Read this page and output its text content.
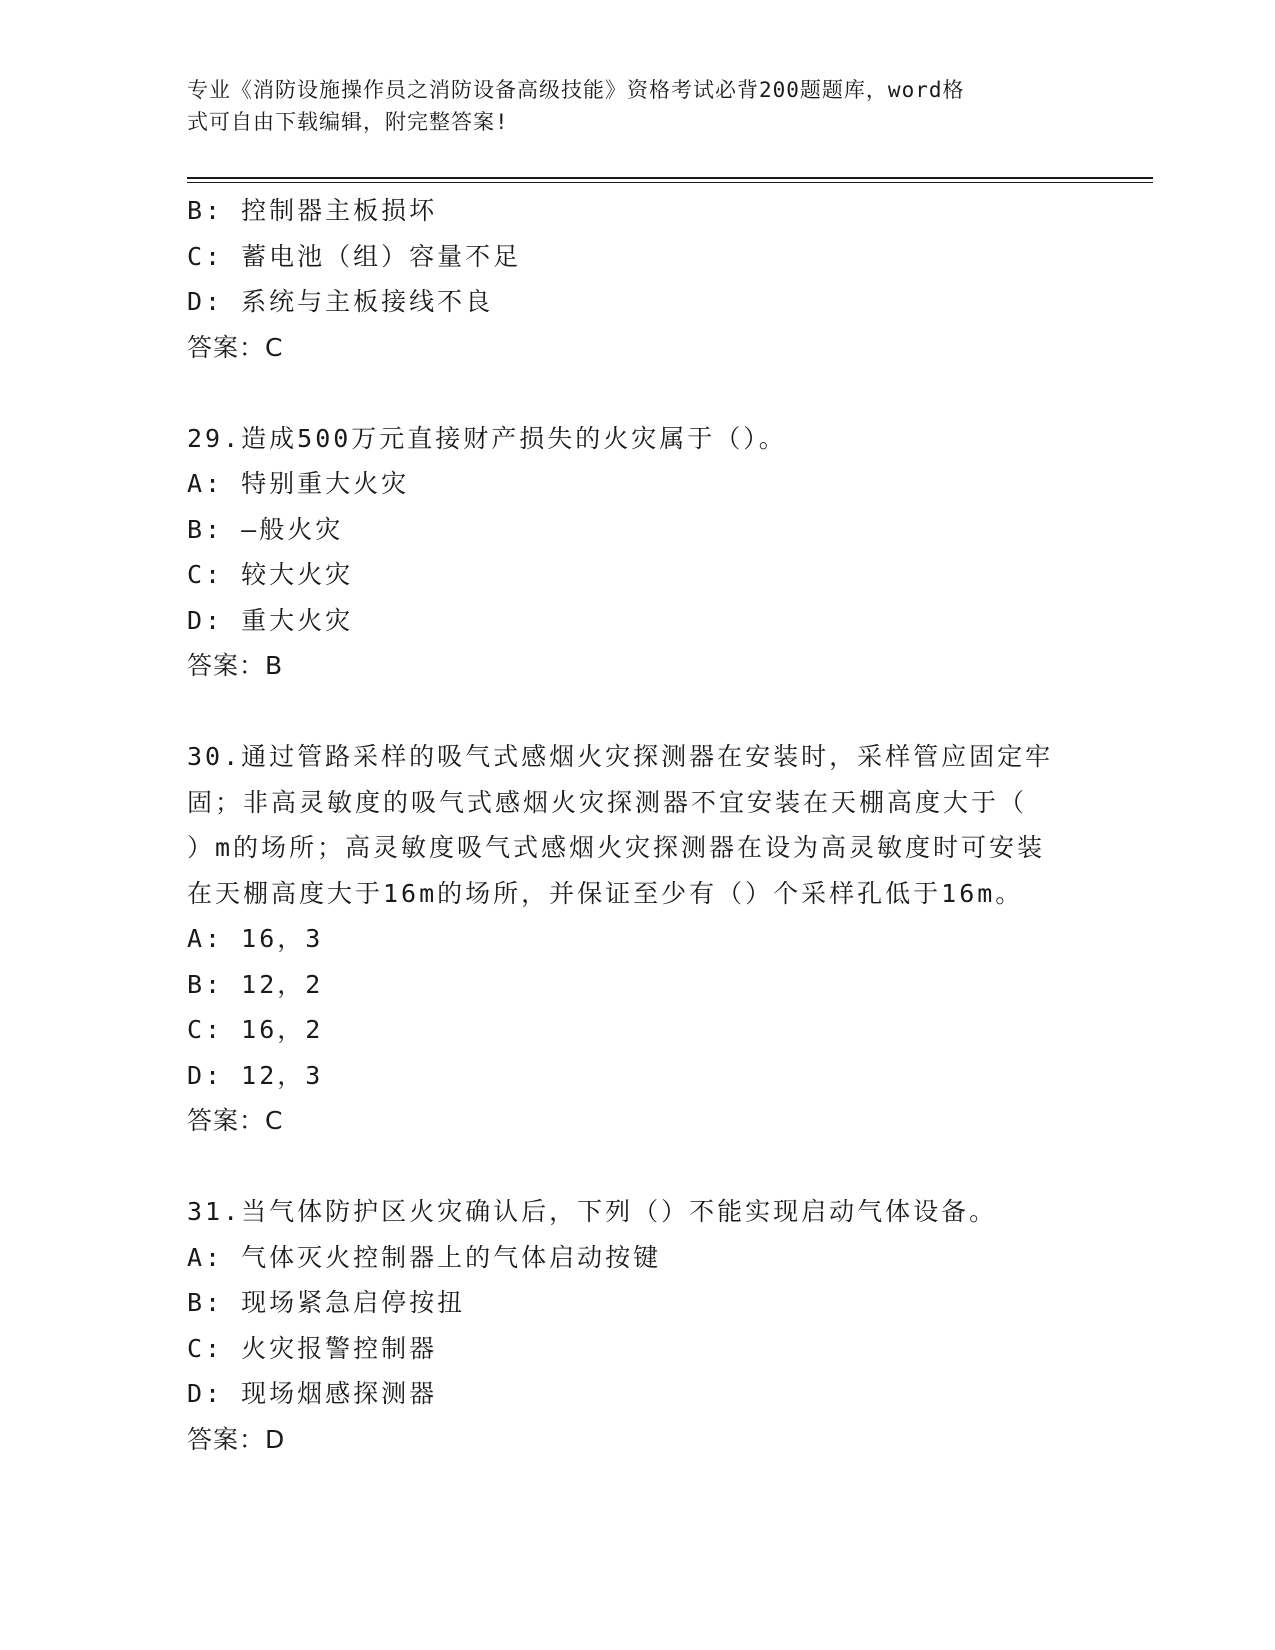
专业《消防设施操作员之消防设备高级技能》资格考试必背200题题库，word格
式可自由下载编辑，附完整答案!
B: 控制器主板损坏
C: 蓄电池（组）容量不足
D: 系统与主板接线不良
答案：C
29.造成500万元直接财产损失的火灾属于（）。
A: 特别重大火灾
B: —般火灾
C: 较大火灾
D: 重大火灾
答案：B
30.通过管路采样的吸气式感烟火灾探测器在安装时，采样管应固定牢
固；非高灵敏度的吸气式感烟火灾探测器不宜安装在天棚高度大于（
）m的场所；高灵敏度吸气式感烟火灾探测器在设为高灵敏度时可安装
在天棚高度大于16m的场所，并保证至少有（）个采样孔低于16m。
A: 16，3
B: 12，2
C: 16，2
D: 12，3
答案：C
31.当气体防护区火灾确认后，下列（）不能实现启动气体设备。
A: 气体灭火控制器上的气体启动按键
B: 现场紧急启停按扭
C: 火灾报警控制器
D: 现场烟感探测器
答案：D
